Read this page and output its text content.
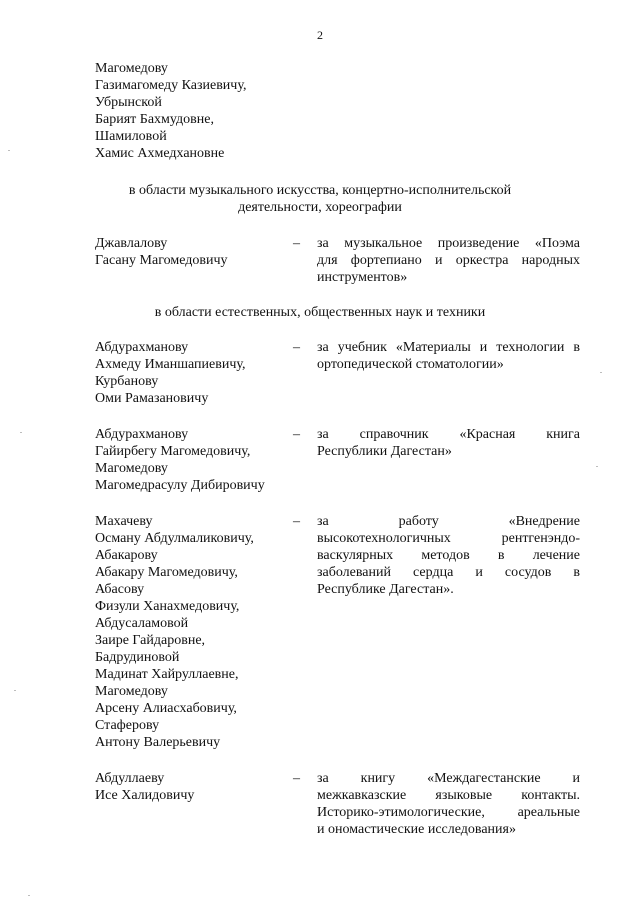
2
Магомедову
Газимагомеду Казиевичу,
Убрынской
Барият Бахмудовне,
Шамиловой
Хамис Ахмедхановне
в области музыкального искусства, концертно-исполнительской
деятельности, хореографии
Джавлалову
Гасану Магомедовичу
– за музыкальное произведение «Поэма
для фортепиано и оркестра народных
инструментов»
в области естественных, общественных наук и техники
Абдурахманову
Ахмеду Иманшапиевичу,
Курбанову
Оми Рамазановичу
– за учебник «Материалы и технологии в
ортопедической стоматологии»
Абдурахманову
Гайирбегу Магомедовичу,
Магомедову
Магомедрасулу Дибировичу
– за справочник «Красная книга
Республики Дагестан»
Махачеву
Осману Абдулмаликовичу,
Абакарову
Абакару Магомедовичу,
Абасову
Физули Ханахмедовичу,
Абдусаламовой
Заире Гайдаровне,
Бадрудиновой
Мадинат Хайруллаевне,
Магомедову
Арсену Алиасхабовичу,
Стаферову
Антону Валерьевичу
– за работу «Внедрение
высокотехнологичных рентгенэндо-
васкулярных методов в лечение
заболеваний сердца и сосудов в
Республике Дагестан».
Абдуллаеву
Исе Халидовичу
– за книгу «Междагестанские и
межкавказские языковые контакты.
Историко-этимологические, ареальные
и ономастические исследования»
